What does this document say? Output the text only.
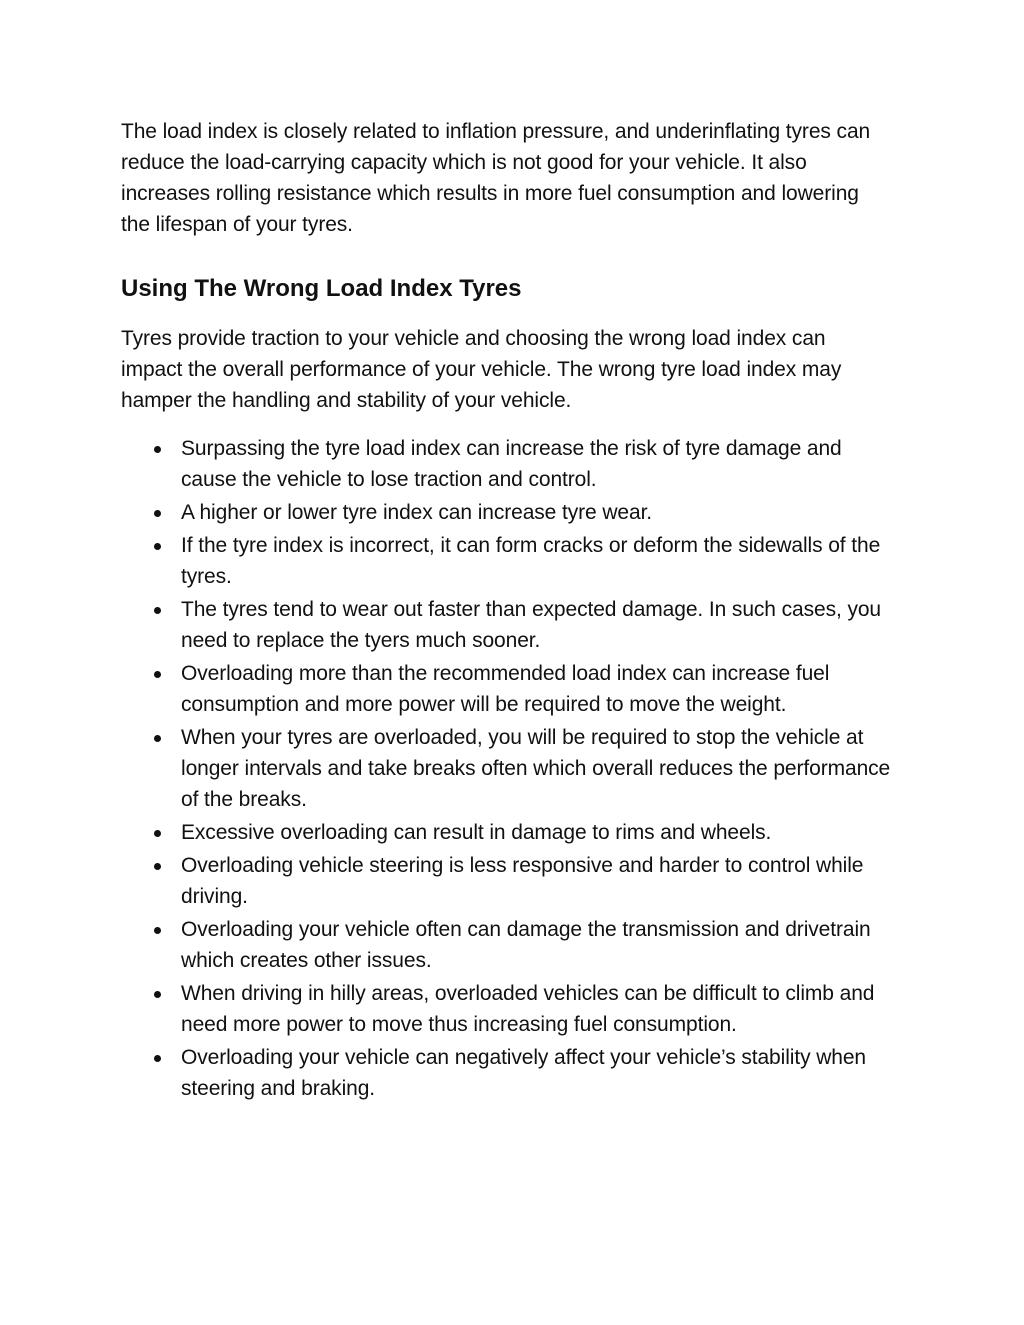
The load index is closely related to inflation pressure, and underinflating tyres can reduce the load-carrying capacity which is not good for your vehicle. It also increases rolling resistance which results in more fuel consumption and lowering the lifespan of your tyres.

Using The Wrong Load Index Tyres

Tyres provide traction to your vehicle and choosing the wrong load index can impact the overall performance of your vehicle. The wrong tyre load index may hamper the handling and stability of your vehicle.

Surpassing the tyre load index can increase the risk of tyre damage and cause the vehicle to lose traction and control.
A higher or lower tyre index can increase tyre wear.
If the tyre index is incorrect, it can form cracks or deform the sidewalls of the tyres.
The tyres tend to wear out faster than expected damage. In such cases, you need to replace the tyers much sooner.
Overloading more than the recommended load index can increase fuel consumption and more power will be required to move the weight.
When your tyres are overloaded, you will be required to stop the vehicle at longer intervals and take breaks often which overall reduces the performance of the breaks.
Excessive overloading can result in damage to rims and wheels.
Overloading vehicle steering is less responsive and harder to control while driving.
Overloading your vehicle often can damage the transmission and drivetrain which creates other issues.
When driving in hilly areas, overloaded vehicles can be difficult to climb and need more power to move thus increasing fuel consumption.
Overloading your vehicle can negatively affect your vehicle’s stability when steering and braking.
